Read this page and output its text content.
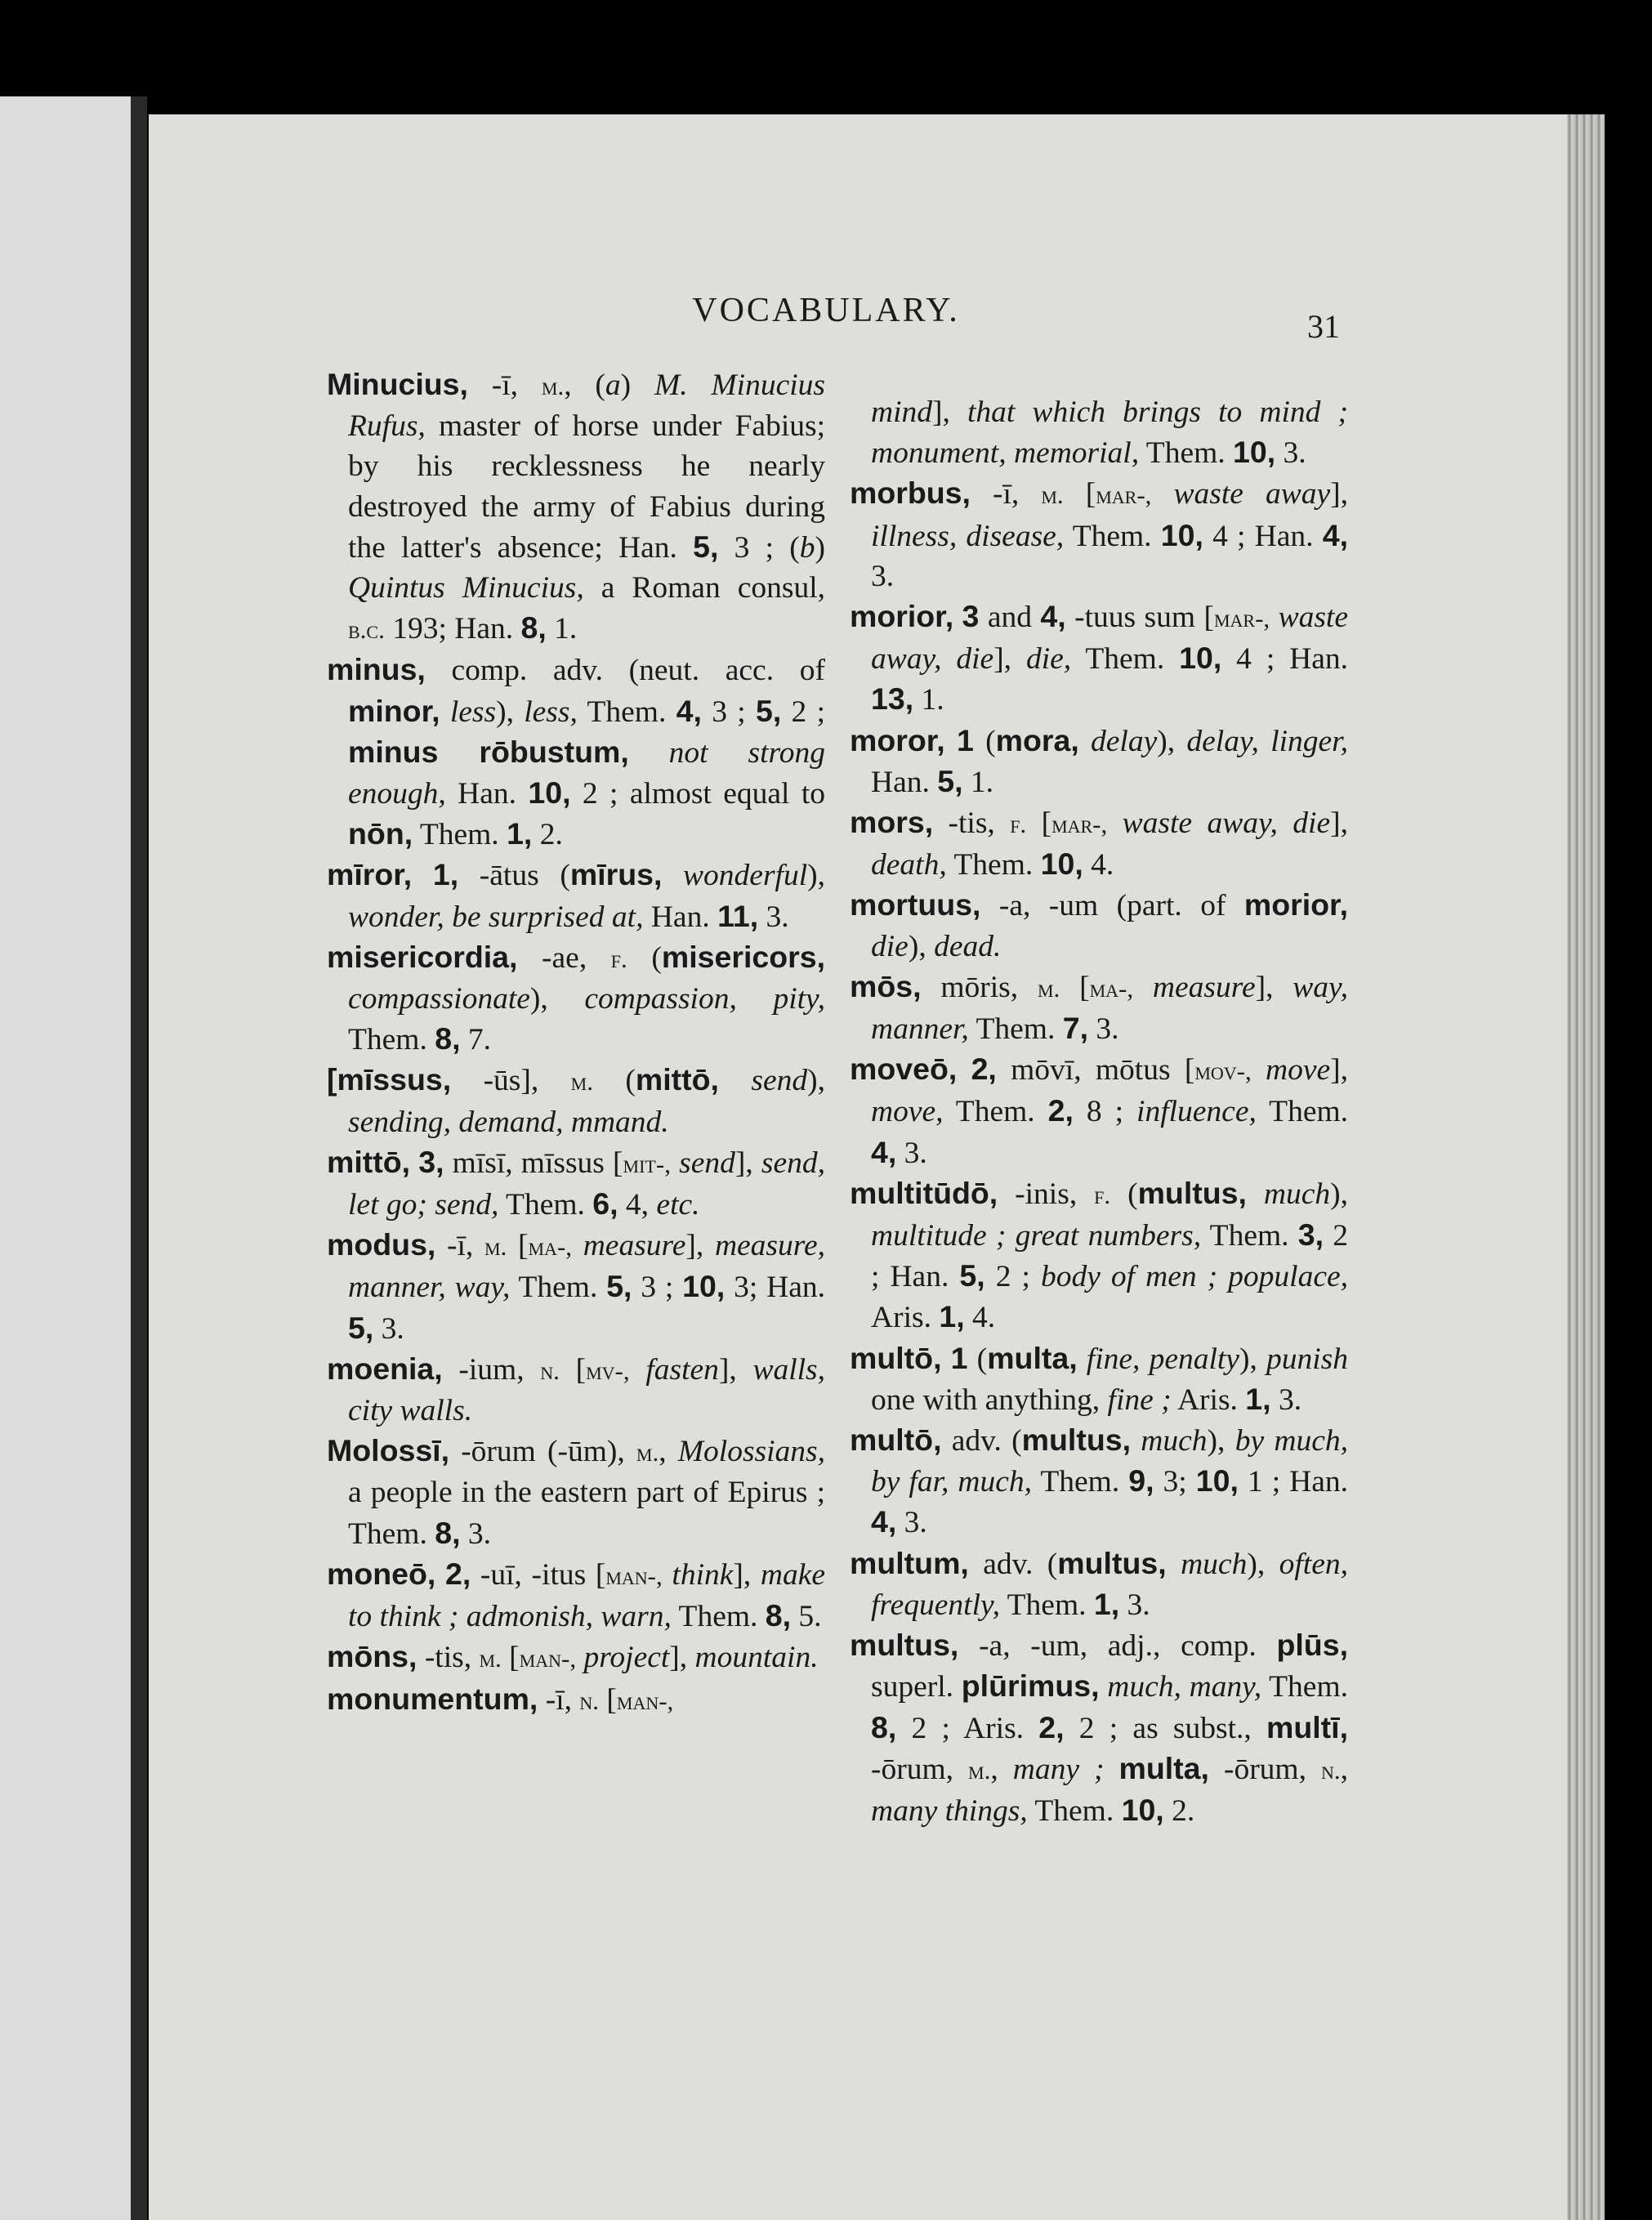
VOCABULARY.	31

Minucius, -ī, m., (a) M. Minucius Rufus, master of horse under Fabius; by his recklessness he nearly destroyed the army of Fabius during the latter's absence; Han. 5, 3 ; (b) Quintus Minucius, a Roman consul, b.c. 193; Han. 8, 1.

minus, comp. adv. (neut. acc. of minor, less), less, Them. 4, 3 ; 5, 2 ; minus rōbustum, not strong enough, Han. 10, 2 ; almost equal to nōn, Them. 1, 2.

mīror, 1, -ātus (mīrus, wonderful), wonder, be surprised at, Han. 11, 3.

misericordia, -ae, f. (misericors, compassionate), compassion, pity, Them. 8, 7.

[mīssus, -ūs], m. (mittō, send), sending, demand, mmand.

mittō, 3, mīsī, mīssus [mit-, send], send, let go; send, Them. 6, 4, etc.

modus, -ī, m. [ma-, measure], measure, manner, way, Them. 5, 3 ; 10, 3; Han. 5, 3.

moenia, -ium, n. [mv-, fasten], walls, city walls.

Molossī, -ōrum (-ūm), m., Molossians, a people in the eastern part of Epirus ; Them. 8, 3.

moneō, 2, -uī, -itus [man-, think], make to think ; admonish, warn, Them. 8, 5.

mōns, -tis, m. [man-, project], mountain.

monumentum, -ī, n. [man-,

mind], that which brings to mind ; monument, memorial, Them. 10, 3.

morbus, -ī, m. [mar-, waste away], illness, disease, Them. 10, 4 ; Han. 4, 3.

morior, 3 and 4, -tuus sum [mar-, waste away, die], die, Them. 10, 4 ; Han. 13, 1.

moror, 1 (mora, delay), delay, linger, Han. 5, 1.

mors, -tis, f. [mar-, waste away, die], death, Them. 10, 4.

mortuus, -a, -um (part. of morior, die), dead.

mōs, mōris, m. [ma-, measure], way, manner, Them. 7, 3.

moveō, 2, mōvī, mōtus [mov-, move], move, Them. 2, 8 ; influence, Them. 4, 3.

multitūdō, -inis, f. (multus, much), multitude ; great numbers, Them. 3, 2 ; Han. 5, 2 ; body of men ; populace, Aris. 1, 4.

multō, 1 (multa, fine, penalty), punish one with anything, fine ; Aris. 1, 3.

multō, adv. (multus, much), by much, by far, much, Them. 9, 3; 10, 1 ; Han. 4, 3.

multum, adv. (multus, much), often, frequently, Them. 1, 3.

multus, -a, -um, adj., comp. plūs, superl. plūrimus, much, many, Them. 8, 2 ; Aris. 2, 2 ; as subst., multī, -ōrum, m., many ; multa, -ōrum, n., many things, Them. 10, 2.
